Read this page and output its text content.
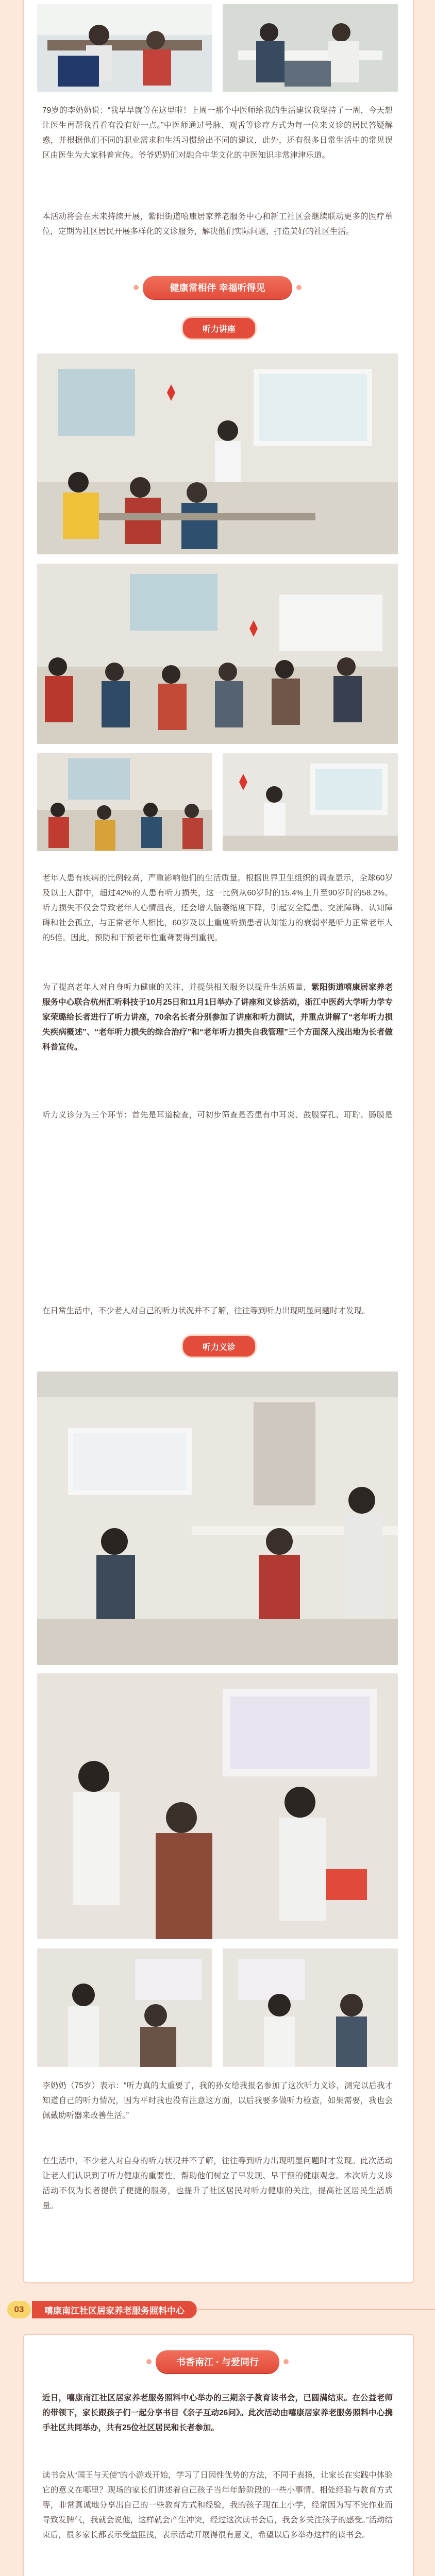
79岁的李奶奶说：“我早早就等在这里啦！上周一那个中医师给我的生活建议我坚持了一周，今天想让医生再帮我看看有没有好一点。”中医师通过号脉、观舌等诊疗方式为每一位来义诊的居民答疑解惑，并根据他们不同的职业需求和生活习惯给出不同的建议，此外，还有很多日常生活中的常见误区由医生为大家科普宣传。爷爷奶奶们对融合中华文化的中医知识非常津津乐道。

本活动将会在未来持续开展，紫阳街道嘻康居家养老服务中心和新工社区会继续联动更多的医疗单位，定期为社区居民开展多样化的义诊服务，解决他们实际问题，打造美好的社区生活。

健康常相伴 幸福听得见
听力讲座

老年人患有疾病的比例较高，严重影响他们的生活质量。根据世界卫生组织的调查显示，全球60岁及以上人群中，超过42%的人患有听力损失，这一比例从60岁时的15.4%上升至90岁时的58.2%。听力损失不仅会导致老年人心情沮丧，还会增大脑萎缩度下降，引起安全隐患、交流障碍、认知障碍和社会孤立，与正常老年人相比，60岁及以上重度听损患者认知能力的衰弱率是听力正常老年人的5倍。因此，预防和干预老年性重聋要得到重视。

为了提高老年人对自身听力健康的关注，并提供相关服务以提升生活质量，紫阳街道嘻康居家养老服务中心联合杭州汇听科技于10月25日和11月1日举办了讲座和义诊活动，浙江中医药大学听力学专家荣璐给长者进行了听力讲座，70余名长者分别参加了讲座和听力测试，并重点讲解了“老年听力损失疾病概述”、“老年听力损失的综合治疗”和“老年听力损失自我管理”三个方面深入浅出地为长者做科普宣传。

听力义诊分为三个环节：首先是耳道检查，可初步筛查是否患有中耳炎、鼓膜穿孔、耵聍、肠膜是

听力义诊

李奶奶（75岁）表示：“听力真的太重要了，我的孙女给我报名参加了这次听力义诊，测完以后我才知道自己的听力情况，因为平时我也没有注意这方面，以后我要多做听力检查，如果需要，我也会佩戴助听器来改善生活。”

在生活中，不少老人对自身的听力状况并不了解，往往等到听力出现明显问题时才发现。此次活动让老人们认识到了听力健康的重要性，帮助他们树立了早发现、早干预的健康观念。本次听力义诊活动不仅为长者提供了便捷的服务，也提升了社区居民对听力健康的关注，提高社区居民生活质量。

在日常生活中，不少老人对自己的听力状况并不了解，往往等到听力出现明显问题时才发现。

03	嘻康南江社区居家养老服务照料中心
书香南江 · 与爱同行

近日，嘻康南江社区居家养老服务照料中心举办的三期亲子教育读书会，已圆满结束。在公益老师的带领下，家长跟孩子们一起分享书目《亲子互动26问》。此次活动由嘻康居家养老服务照料中心携手社区共同举办，共有25位社区居民和长者参加。

读书会从“国王与天使”的小游戏开始，学习了日因性优势的方法，不同于表扬，让家长在实践中体验它的意义在哪里？现场的家长们讲述着自己孩子当年年龄阶段的一些小事情、相处经验与教育方式等，非常真诚地分享出自己的一些教育方式和经验，我的孩子现在上小学，经常因为写不完作业而导致发脾气，我就会说他，这样就会产生冲突，经过这次读书会后，我会多关注孩子的感受。”活动结束后，很多家长都表示受益匪浅，表示活动开展得很有意义，希望以后多举办这样的读书会。
